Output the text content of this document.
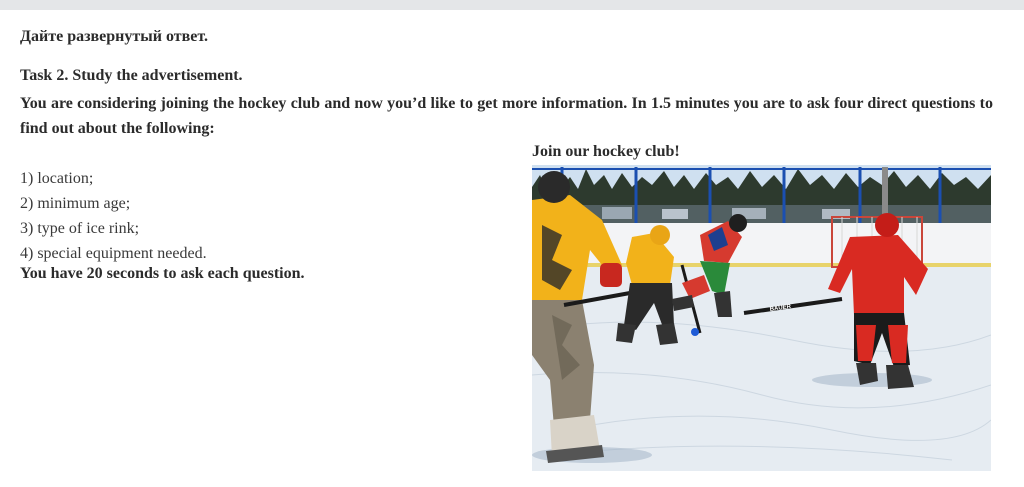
Дайте развернутый ответ.
Task 2. Study the advertisement.
You are considering joining the hockey club and now you’d like to get more information. In 1.5 minutes you are to ask four direct questions to find out about the following:
1) location;
2) minimum age;
3) type of ice rink;
4) special equipment needed.
You have 20 seconds to ask each question.
Join our hockey club!
BAUER
